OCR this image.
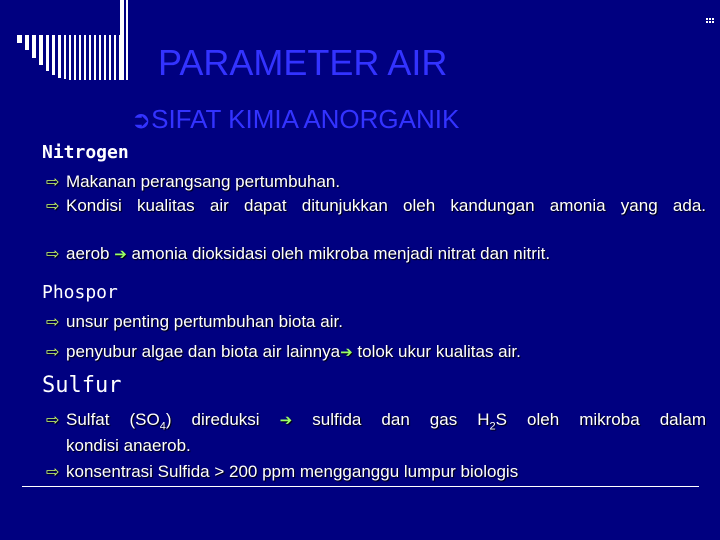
PARAMETER AIR
➲SIFAT KIMIA ANORGANIK
Nitrogen
⇨ Makanan perangsang pertumbuhan.
⇨ Kondisi kualitas air dapat ditunjukkan oleh kandungan amonia yang ada.
⇨ aerob ➔ amonia dioksidasi oleh mikroba menjadi nitrat dan nitrit.
Phospor
⇨ unsur penting pertumbuhan biota air.
⇨ penyubur algae dan biota air lainnya➔ tolok ukur kualitas air.
Sulfur
⇨ Sulfat $(SO_4)$ direduksi ➔ sulfida dan gas $H_2S$ oleh mikroba dalam
kondisi anaerob.
⇨ konsentrasi Sulfida > 200 ppm mengganggu lumpur biologis
